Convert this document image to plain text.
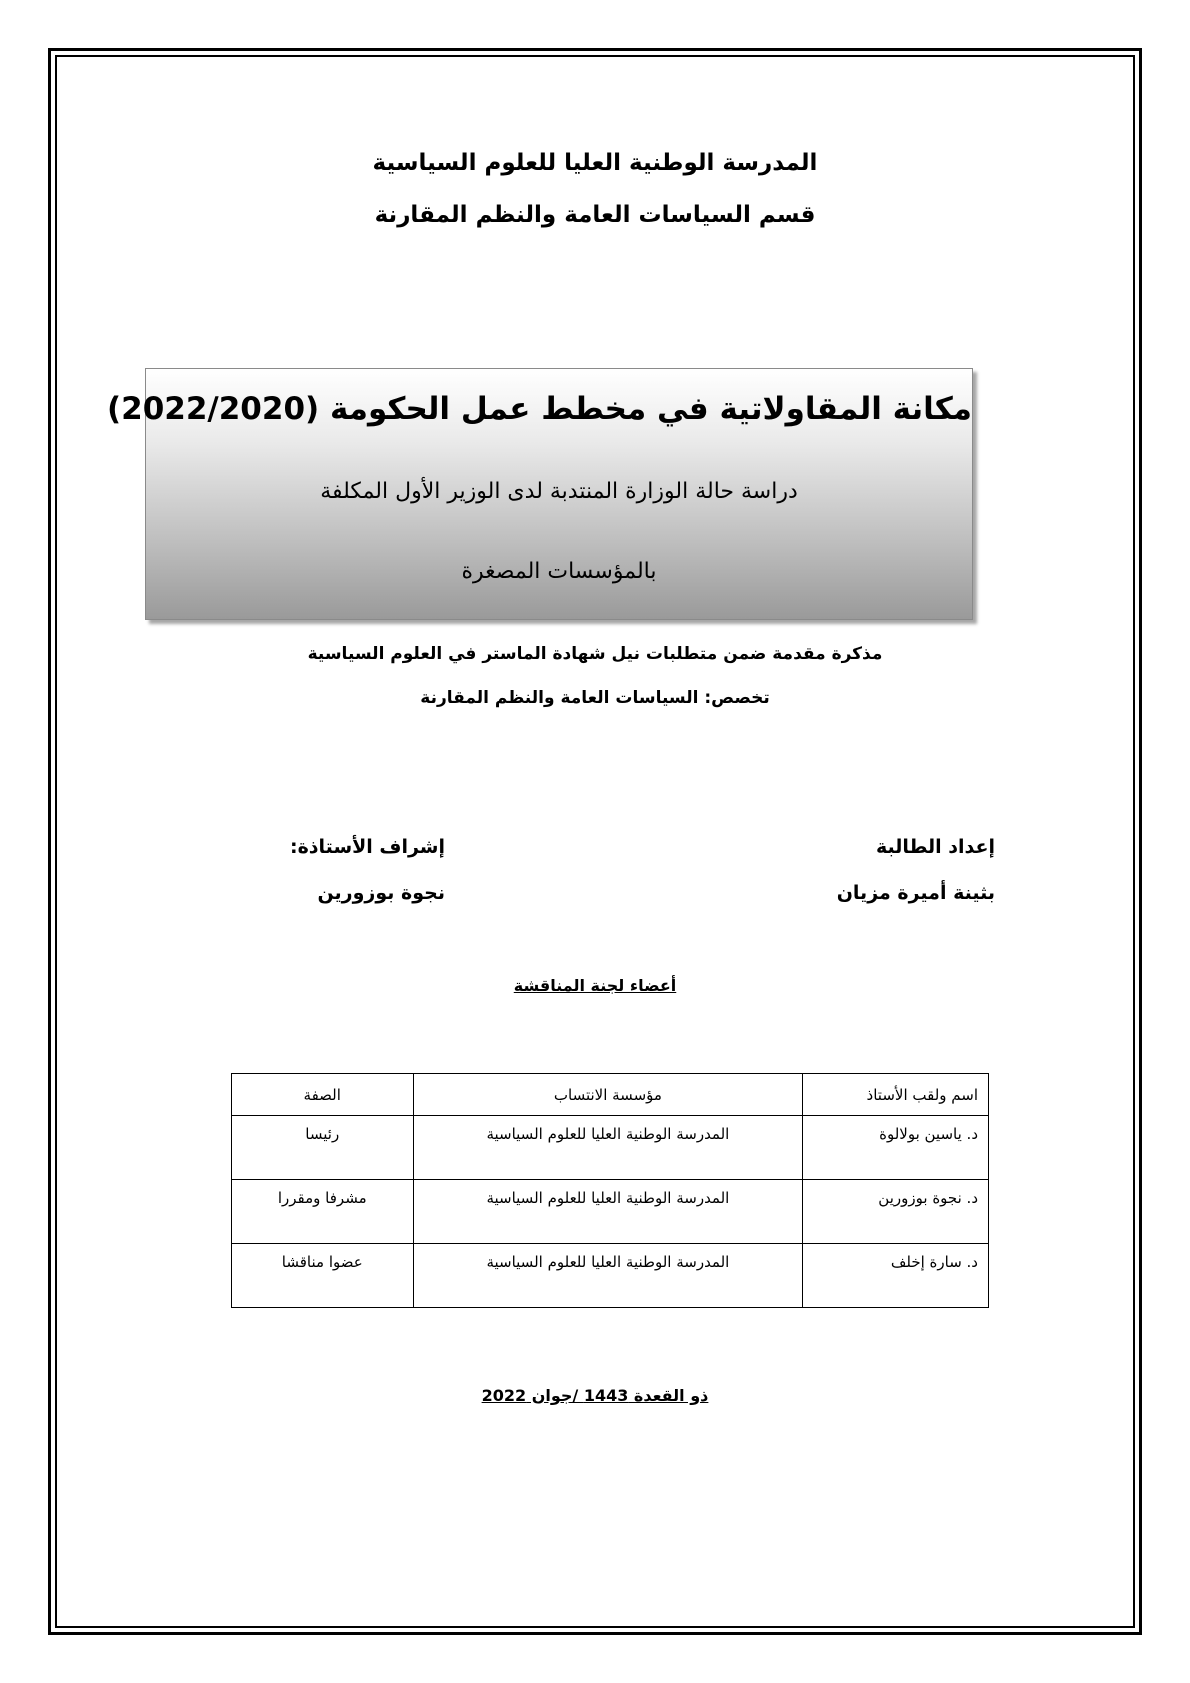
المدرسة الوطنية العليا للعلوم السياسية
قسم السياسات العامة والنظم المقارنة
مكانة المقاولاتية في مخطط عمل الحكومة (2022/2020)
دراسة حالة الوزارة المنتدبة لدى الوزير الأول المكلفة
بالمؤسسات المصغرة
مذكرة مقدمة ضمن متطلبات نيل شهادة الماستر في العلوم السياسية
تخصص: السياسات العامة والنظم المقارنة
إعداد الطالبة
بثينة أميرة مزيان
إشراف الأستاذة:
نجوة بوزورين
أعضاء لجنة المناقشة
اسم ولقب الأستاذ	مؤسسة الانتساب	الصفة
د. ياسين بولالوة	المدرسة الوطنية العليا للعلوم السياسية	رئيسا
د. نجوة بوزورين	المدرسة الوطنية العليا للعلوم السياسية	مشرفا ومقررا
د. سارة إخلف	المدرسة الوطنية العليا للعلوم السياسية	عضوا مناقشا
ذو القعدة 1443 /جوان 2022
